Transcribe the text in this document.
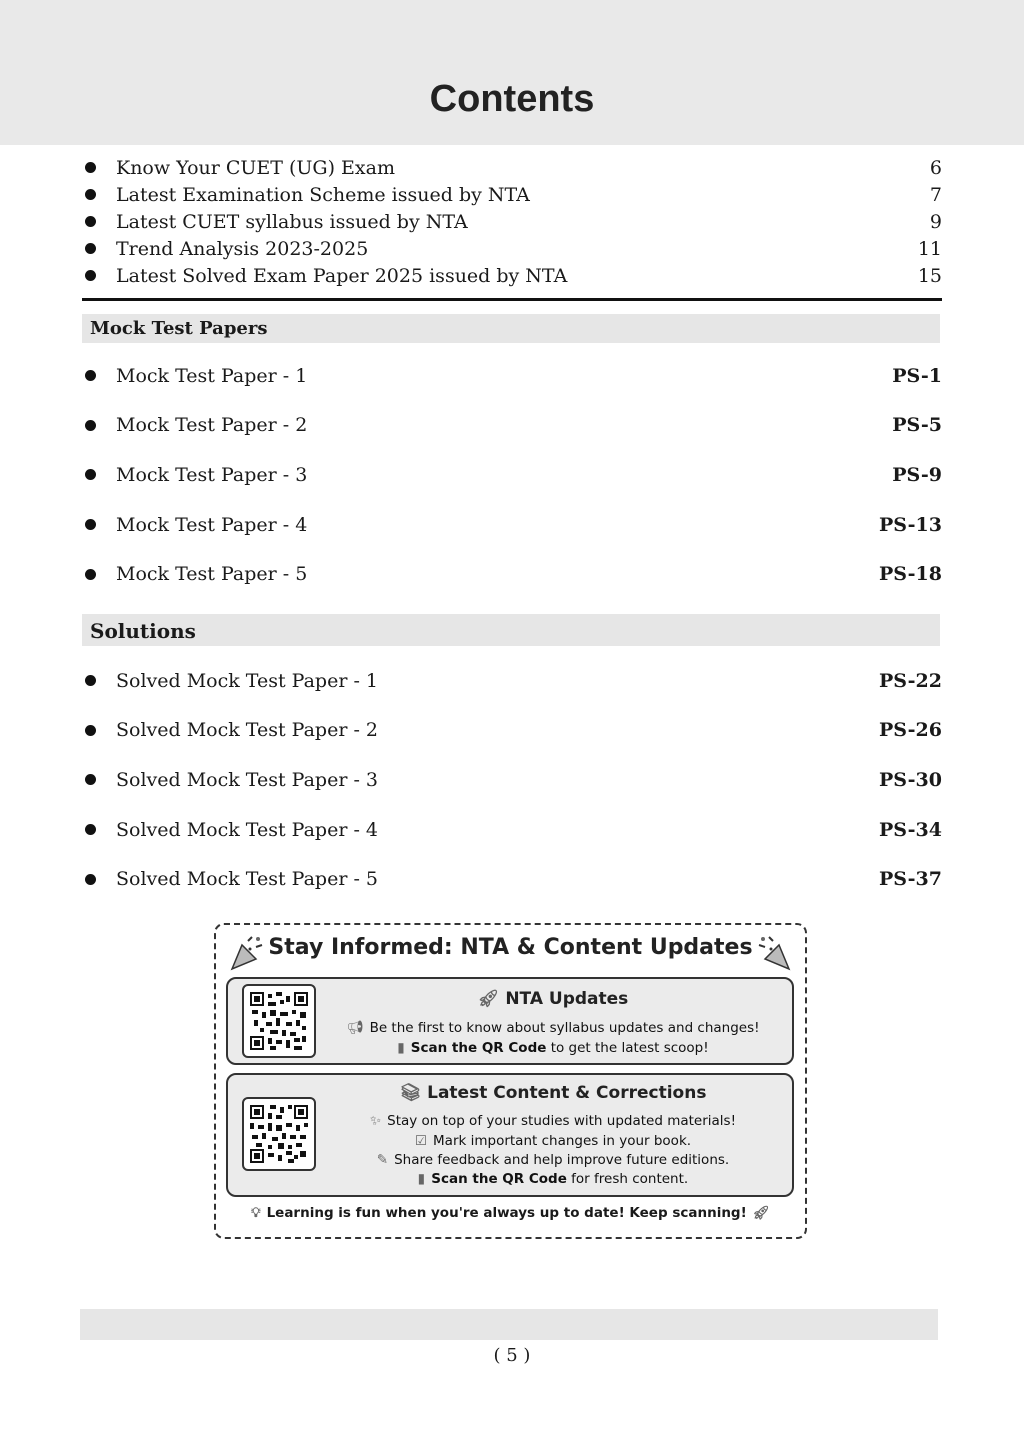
Contents
Know Your CUET (UG) Exam	6
Latest Examination Scheme issued by NTA	7
Latest CUET syllabus issued by NTA	9
Trend Analysis 2023-2025	11
Latest Solved Exam Paper 2025 issued by NTA	15
Mock Test Papers
Mock Test Paper - 1	PS-1
Mock Test Paper - 2	PS-5
Mock Test Paper - 3	PS-9
Mock Test Paper - 4	PS-13
Mock Test Paper - 5	PS-18
Solutions
Solved Mock Test Paper - 1	PS-22
Solved Mock Test Paper - 2	PS-26
Solved Mock Test Paper - 3	PS-30
Solved Mock Test Paper - 4	PS-34
Solved Mock Test Paper - 5	PS-37
Stay Informed: NTA & Content Updates
🚀︎ NTA Updates
📢︎ Be the first to know about syllabus updates and changes!
▮ Scan the QR Code to get the latest scoop!
📚︎ Latest Content & Corrections
✨︎ Stay on top of your studies with updated materials!
☑ Mark important changes in your book.
✎ Share feedback and help improve future editions.
▮ Scan the QR Code for fresh content.
💡︎ Learning is fun when you're always up to date! Keep scanning! 🚀︎
( 5 )
